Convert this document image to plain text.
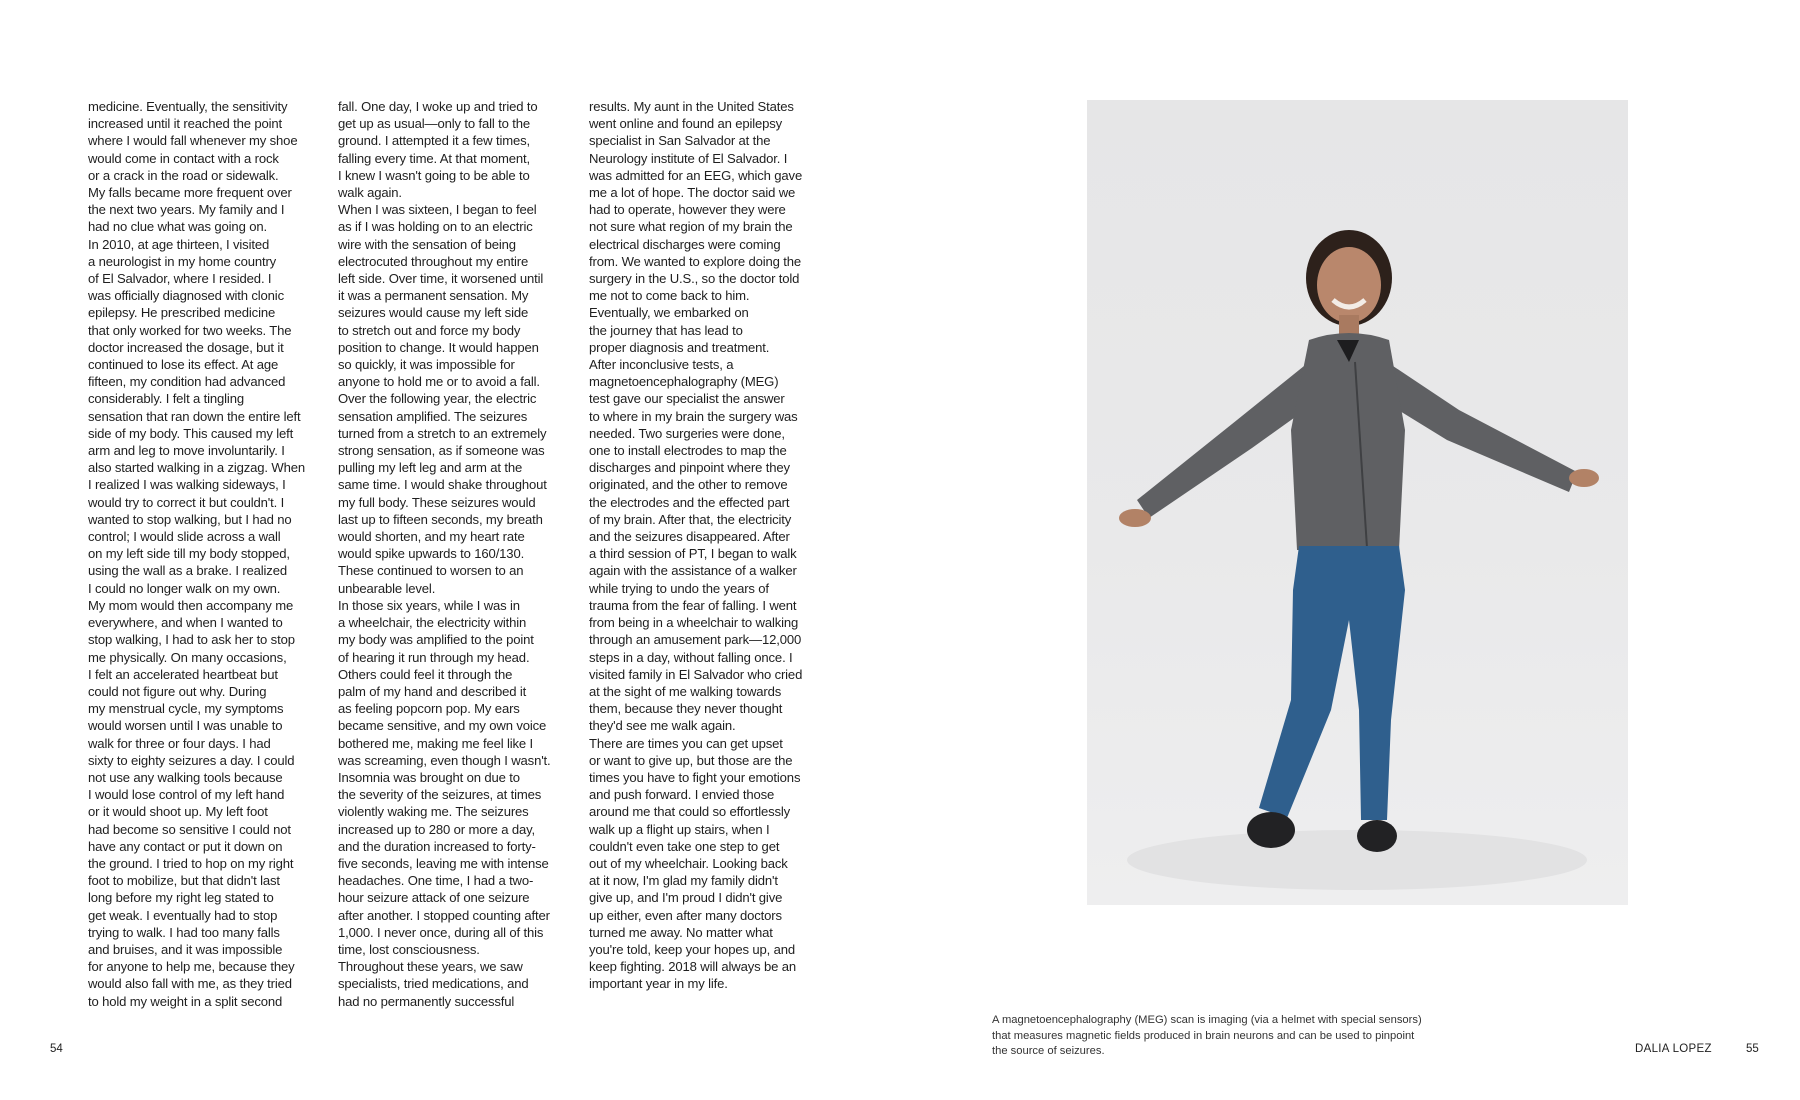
medicine. Eventually, the sensitivity
increased until it reached the point
where I would fall whenever my shoe
would come in contact with a rock
or a crack in the road or sidewalk.
My falls became more frequent over
the next two years. My family and I
had no clue what was going on.
In 2010, at age thirteen, I visited
a neurologist in my home country
of El Salvador, where I resided. I
was officially diagnosed with clonic
epilepsy. He prescribed medicine
that only worked for two weeks. The
doctor increased the dosage, but it
continued to lose its effect. At age
fifteen, my condition had advanced
considerably. I felt a tingling
sensation that ran down the entire left
side of my body. This caused my left
arm and leg to move involuntarily. I
also started walking in a zigzag. When
I realized I was walking sideways, I
would try to correct it but couldn't. I
wanted to stop walking, but I had no
control; I would slide across a wall
on my left side till my body stopped,
using the wall as a brake. I realized
I could no longer walk on my own.
My mom would then accompany me
everywhere, and when I wanted to
stop walking, I had to ask her to stop
me physically. On many occasions,
I felt an accelerated heartbeat but
could not figure out why. During
my menstrual cycle, my symptoms
would worsen until I was unable to
walk for three or four days. I had
sixty to eighty seizures a day. I could
not use any walking tools because
I would lose control of my left hand
or it would shoot up. My left foot
had become so sensitive I could not
have any contact or put it down on
the ground. I tried to hop on my right
foot to mobilize, but that didn't last
long before my right leg stated to
get weak. I eventually had to stop
trying to walk. I had too many falls
and bruises, and it was impossible
for anyone to help me, because they
would also fall with me, as they tried
to hold my weight in a split second
fall. One day, I woke up and tried to
get up as usual—only to fall to the
ground. I attempted it a few times,
falling every time. At that moment,
I knew I wasn't going to be able to
walk again.
When I was sixteen, I began to feel
as if I was holding on to an electric
wire with the sensation of being
electrocuted throughout my entire
left side. Over time, it worsened until
it was a permanent sensation. My
seizures would cause my left side
to stretch out and force my body
position to change. It would happen
so quickly, it was impossible for
anyone to hold me or to avoid a fall.
Over the following year, the electric
sensation amplified. The seizures
turned from a stretch to an extremely
strong sensation, as if someone was
pulling my left leg and arm at the
same time. I would shake throughout
my full body. These seizures would
last up to fifteen seconds, my breath
would shorten, and my heart rate
would spike upwards to 160/130.
These continued to worsen to an
unbearable level.
In those six years, while I was in
a wheelchair, the electricity within
my body was amplified to the point
of hearing it run through my head.
Others could feel it through the
palm of my hand and described it
as feeling popcorn pop. My ears
became sensitive, and my own voice
bothered me, making me feel like I
was screaming, even though I wasn't.
Insomnia was brought on due to
the severity of the seizures, at times
violently waking me. The seizures
increased up to 280 or more a day,
and the duration increased to forty-
five seconds, leaving me with intense
headaches. One time, I had a two-
hour seizure attack of one seizure
after another. I stopped counting after
1,000. I never once, during all of this
time, lost consciousness.
Throughout these years, we saw
specialists, tried medications, and
had no permanently successful
results. My aunt in the United States
went online and found an epilepsy
specialist in San Salvador at the
Neurology institute of El Salvador. I
was admitted for an EEG, which gave
me a lot of hope. The doctor said we
had to operate, however they were
not sure what region of my brain the
electrical discharges were coming
from. We wanted to explore doing the
surgery in the U.S., so the doctor told
me not to come back to him.
Eventually, we embarked on
the journey that has lead to
proper diagnosis and treatment.
After inconclusive tests, a
magnetoencephalography (MEG)
test gave our specialist the answer
to where in my brain the surgery was
needed. Two surgeries were done,
one to install electrodes to map the
discharges and pinpoint where they
originated, and the other to remove
the electrodes and the effected part
of my brain. After that, the electricity
and the seizures disappeared. After
a third session of PT, I began to walk
again with the assistance of a walker
while trying to undo the years of
trauma from the fear of falling. I went
from being in a wheelchair to walking
through an amusement park—12,000
steps in a day, without falling once. I
visited family in El Salvador who cried
at the sight of me walking towards
them, because they never thought
they'd see me walk again.
There are times you can get upset
or want to give up, but those are the
times you have to fight your emotions
and push forward. I envied those
around me that could so effortlessly
walk up a flight up stairs, when I
couldn't even take one step to get
out of my wheelchair. Looking back
at it now, I'm glad my family didn't
give up, and I'm proud I didn't give
up either, even after many doctors
turned me away. No matter what
you're told, keep your hopes up, and
keep fighting. 2018 will always be an
important year in my life.
A magnetoencephalography (MEG) scan is imaging (via a helmet with special sensors)
that measures magnetic fields produced in brain neurons and can be used to pinpoint
the source of seizures.
54	DALIA LOPEZ	55
